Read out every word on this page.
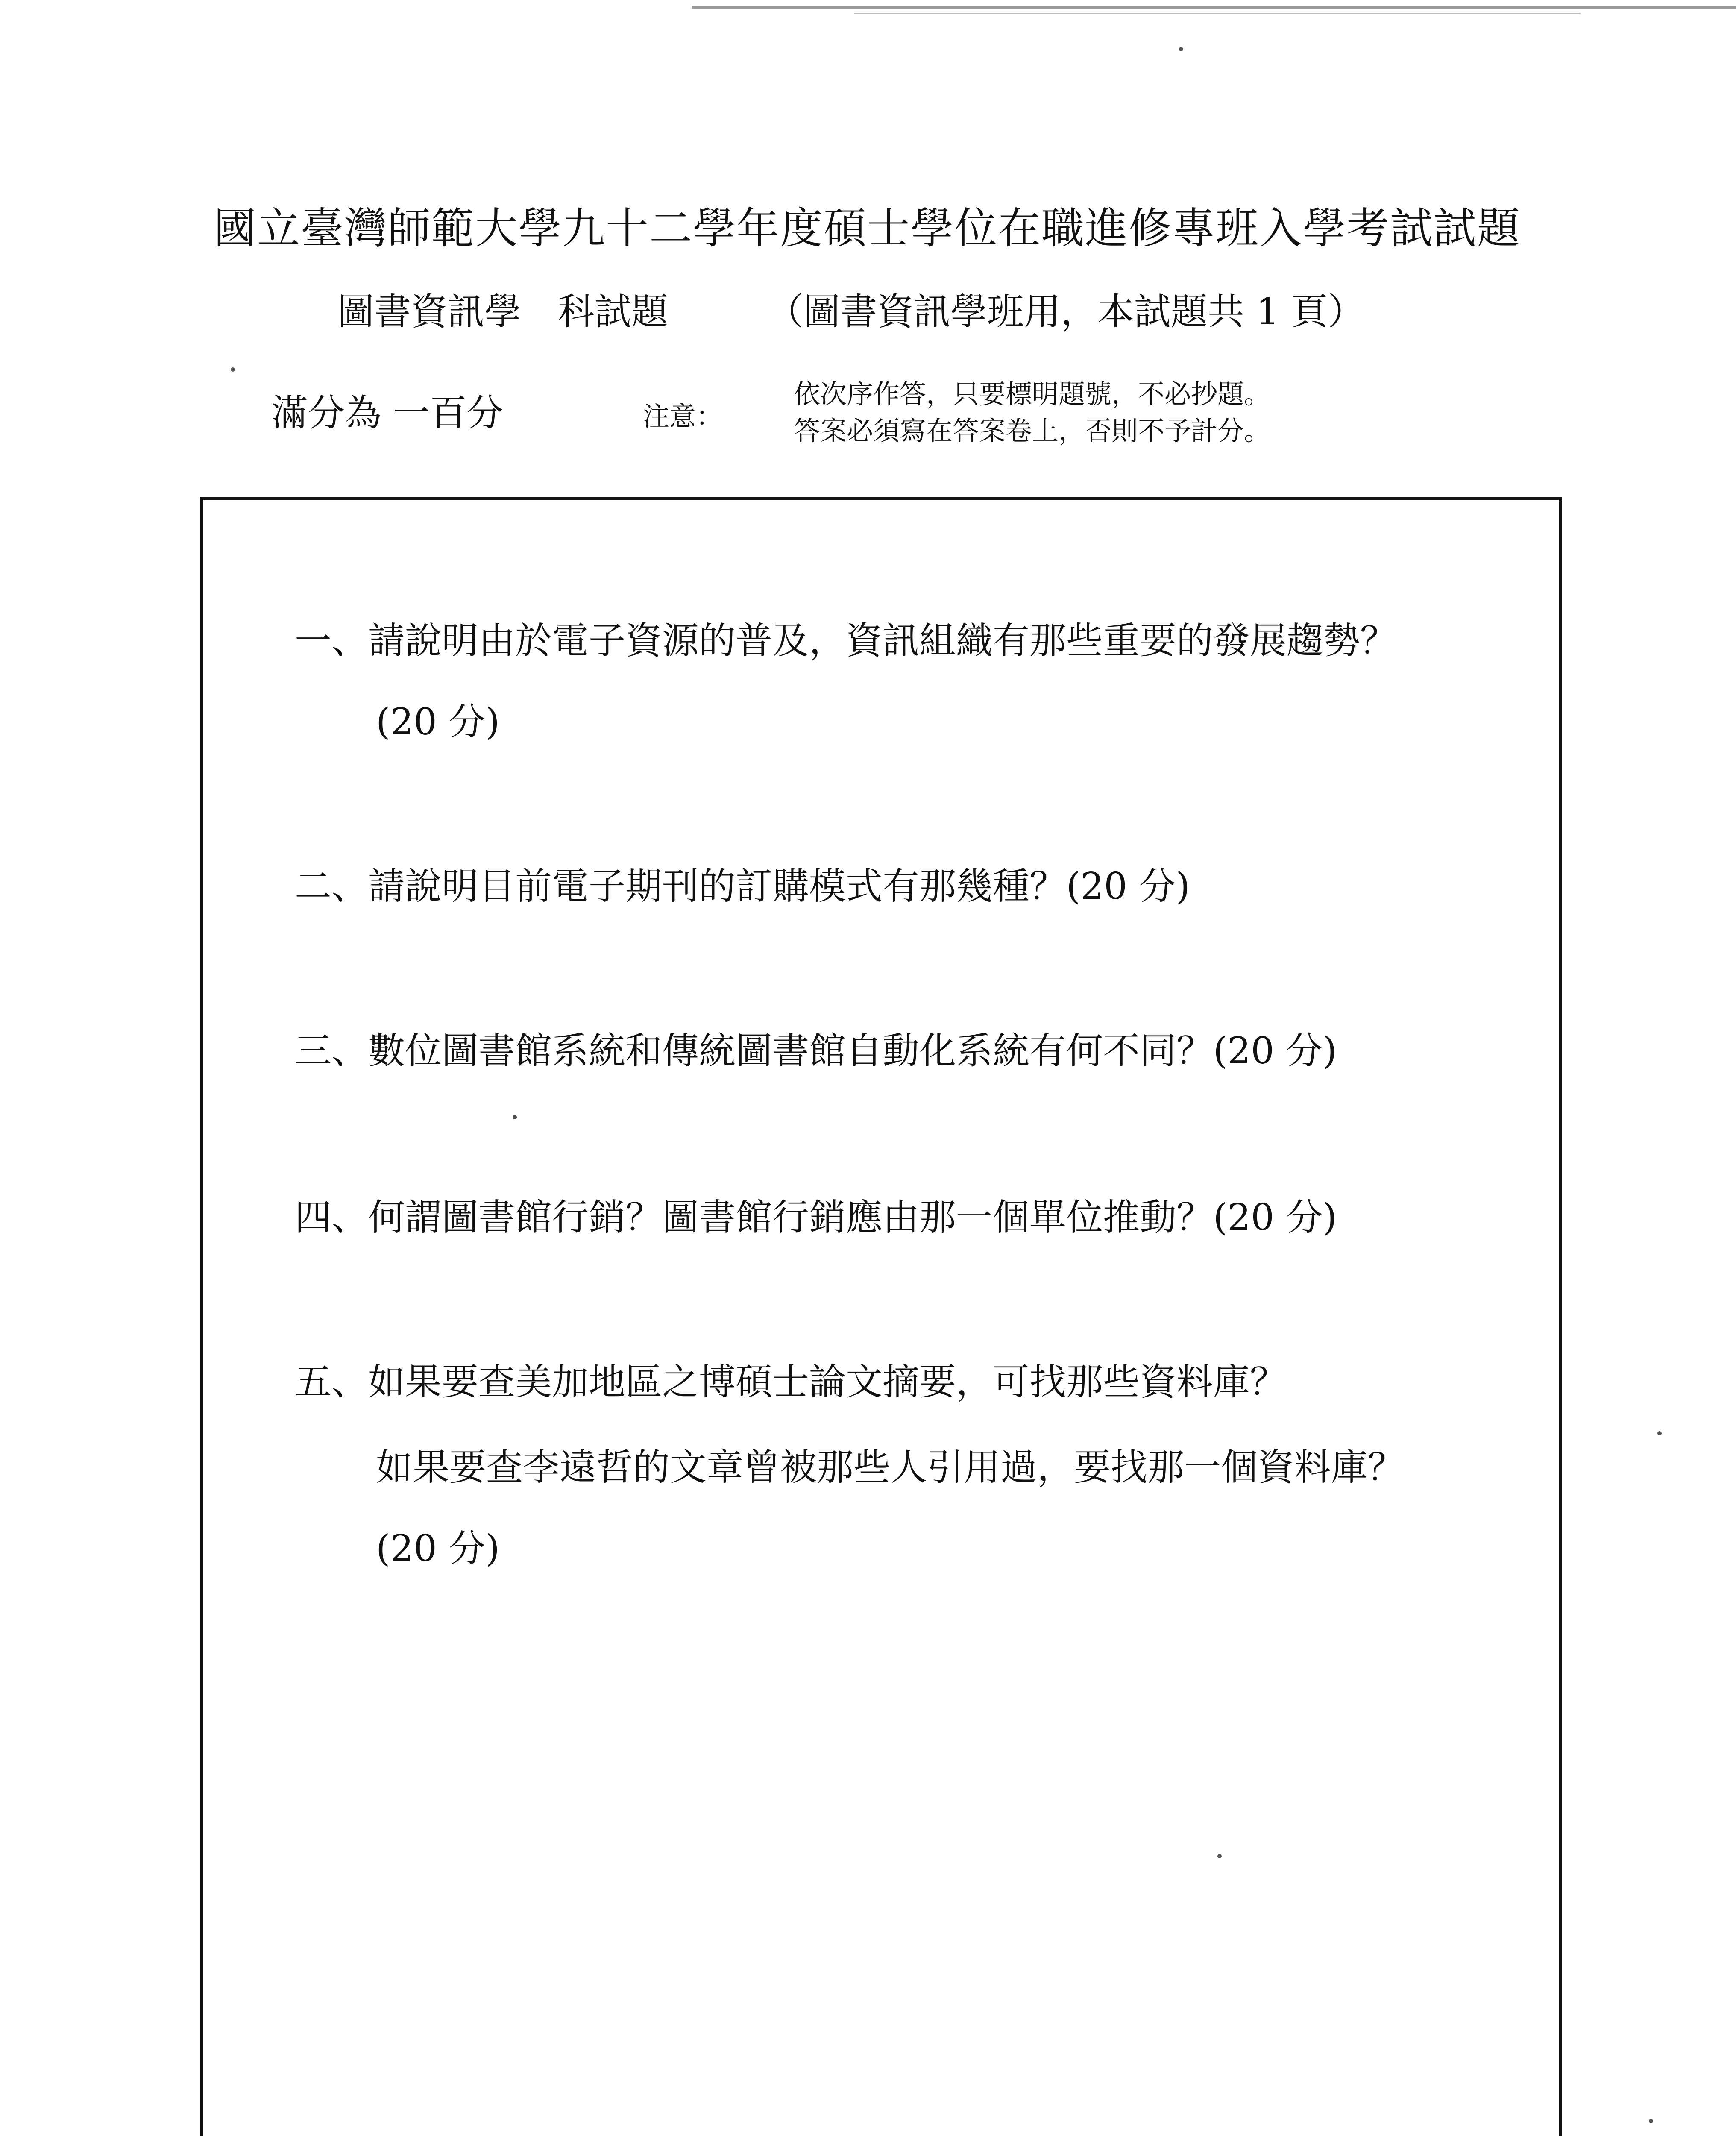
國立臺灣師範大學九十二學年度碩士學位在職進修專班入學考試試題
圖書資訊學　科試題	（圖書資訊學班用，本試題共 1 頁）
滿分為 一百分	注意：
依次序作答，只要標明題號，不必抄題。
答案必須寫在答案卷上，否則不予計分。
一、請說明由於電子資源的普及，資訊組織有那些重要的發展趨勢？
(20 分)
二、請說明目前電子期刊的訂購模式有那幾種？(20 分)
三、數位圖書館系統和傳統圖書館自動化系統有何不同？(20 分)
四、何謂圖書館行銷？圖書館行銷應由那一個單位推動？(20 分)
五、如果要查美加地區之博碩士論文摘要，可找那些資料庫？
如果要查李遠哲的文章曾被那些人引用過，要找那一個資料庫？
(20 分)
